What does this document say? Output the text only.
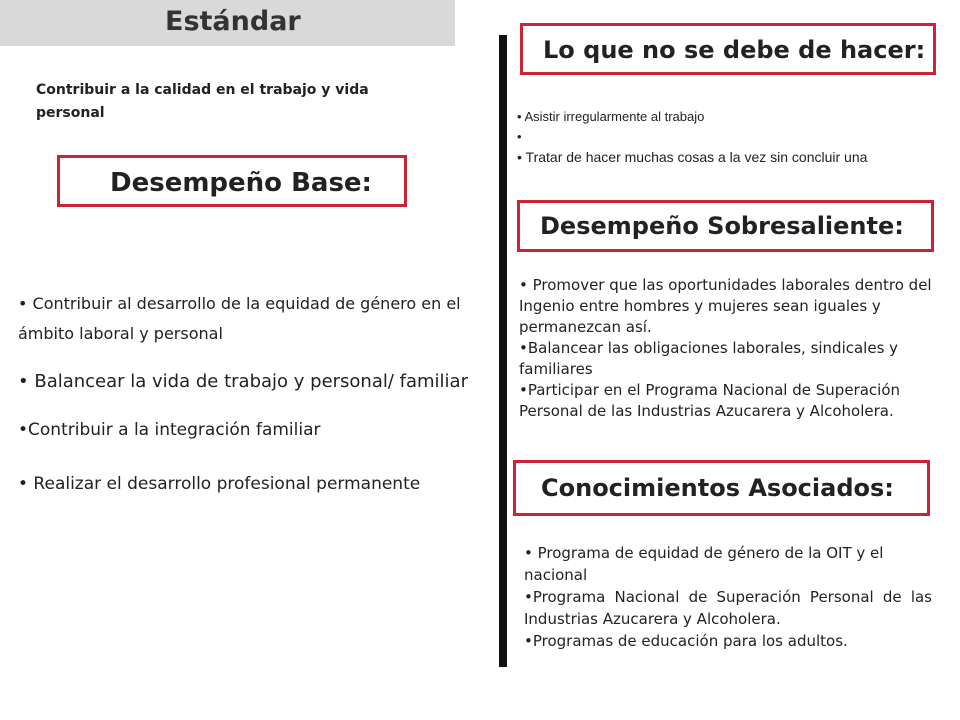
Estándar
Contribuir a la calidad en el trabajo y vida personal
Desempeño Base:
• Contribuir al desarrollo de la equidad de género en el ámbito laboral y personal
• Balancear la vida de trabajo y personal/ familiar
•Contribuir a la integración familiar
• Realizar el desarrollo profesional permanente
Lo que no se debe de hacer:
• Asistir irregularmente al trabajo
•
• Tratar de hacer muchas cosas a la vez sin concluir una
Desempeño Sobresaliente:
• Promover que las oportunidades laborales dentro del Ingenio entre hombres y mujeres sean iguales y permanezcan así.
•Balancear las obligaciones laborales, sindicales y familiares
•Participar en el Programa Nacional de Superación Personal de las Industrias Azucarera y Alcoholera.
Conocimientos Asociados:
• Programa de equidad de género de la OIT y el nacional
•Programa Nacional de Superación Personal de las Industrias Azucarera y Alcoholera.
•Programas de educación para los adultos.
